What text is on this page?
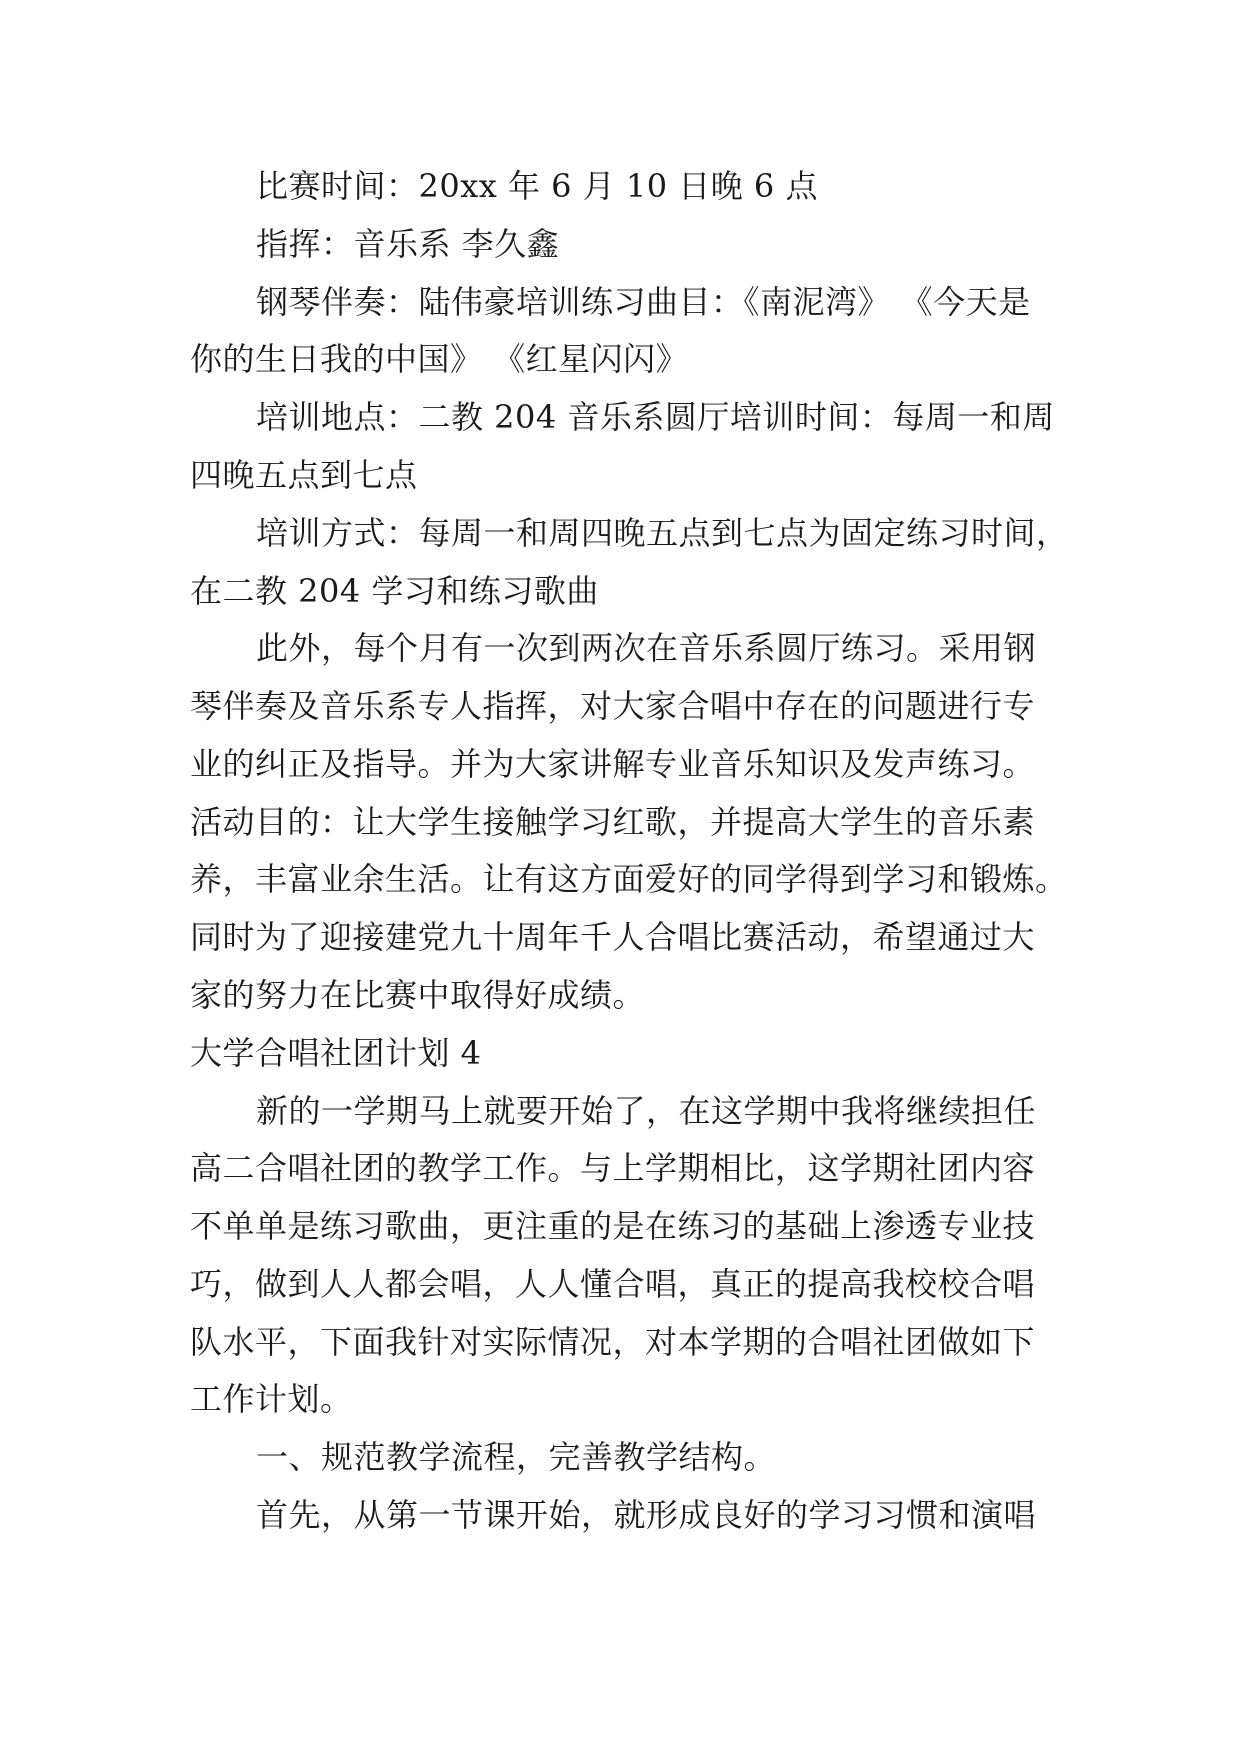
比赛时间：20xx 年 6 月 10 日晚 6 点
指挥：音乐系 李久鑫
钢琴伴奏：陆伟豪培训练习曲目：《南泥湾》 《今天是
你的生日我的中国》 《红星闪闪》
培训地点：二教 204 音乐系圆厅培训时间：每周一和周
四晚五点到七点
培训方式：每周一和周四晚五点到七点为固定练习时间，
在二教 204 学习和练习歌曲
此外，每个月有一次到两次在音乐系圆厅练习。采用钢
琴伴奏及音乐系专人指挥，对大家合唱中存在的问题进行专
业的纠正及指导。并为大家讲解专业音乐知识及发声练习。
活动目的：让大学生接触学习红歌，并提高大学生的音乐素
养，丰富业余生活。让有这方面爱好的同学得到学习和锻炼。
同时为了迎接建党九十周年千人合唱比赛活动，希望通过大
家的努力在比赛中取得好成绩。
大学合唱社团计划 4
新的一学期马上就要开始了，在这学期中我将继续担任
高二合唱社团的教学工作。与上学期相比，这学期社团内容
不单单是练习歌曲，更注重的是在练习的基础上渗透专业技
巧，做到人人都会唱，人人懂合唱，真正的提高我校校合唱
队水平，下面我针对实际情况，对本学期的合唱社团做如下
工作计划。
一、规范教学流程，完善教学结构。
首先，从第一节课开始，就形成良好的学习习惯和演唱
